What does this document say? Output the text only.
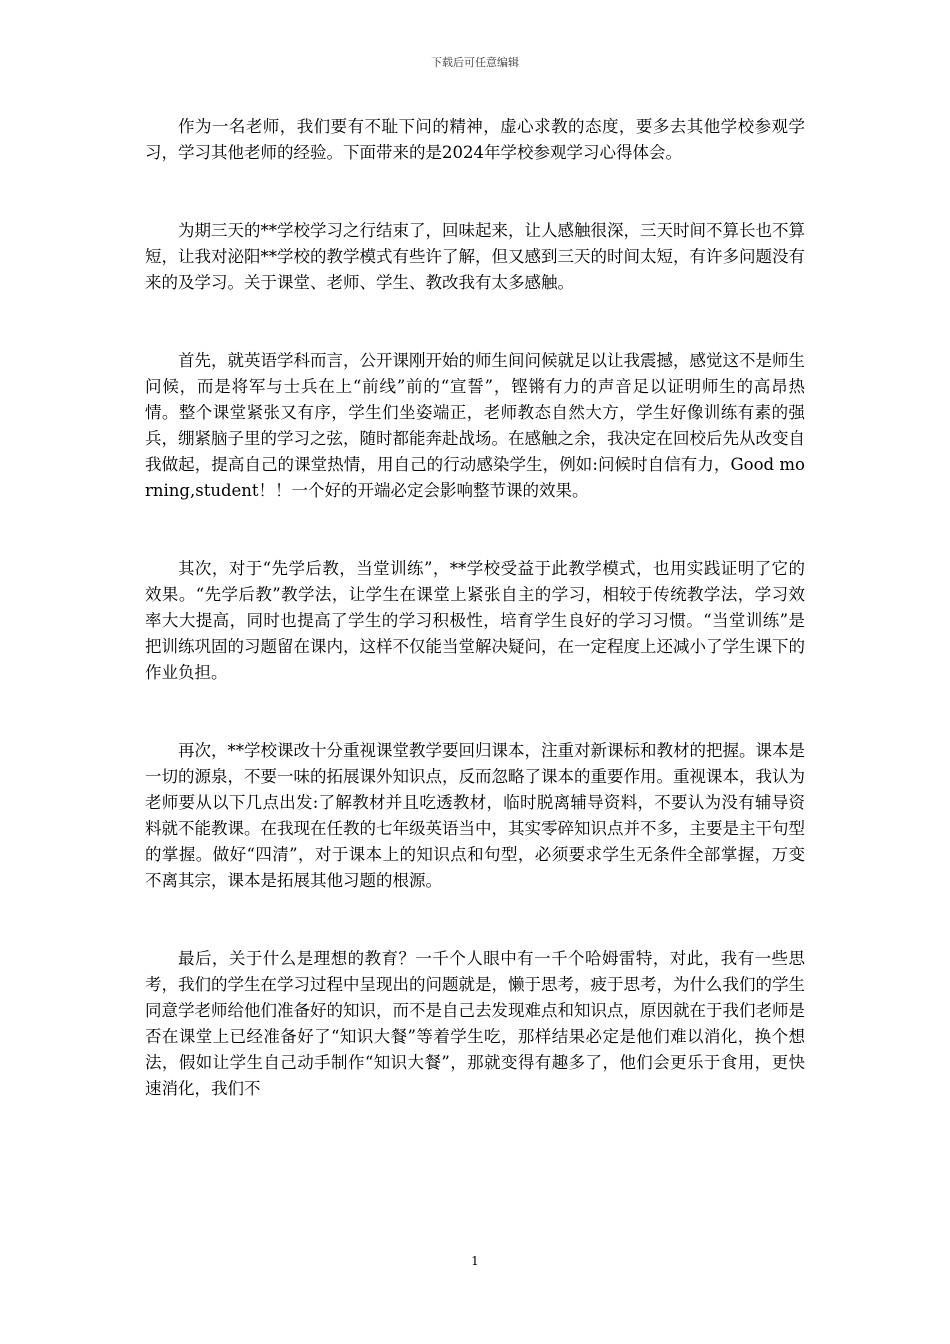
下载后可任意编辑

作为一名老师，我们要有不耻下问的精神，虚心求教的态度，要多去其他学校参观学习，学习其他老师的经验。下面带来的是2024年学校参观学习心得体会。

为期三天的**学校学习之行结束了，回味起来，让人感触很深，三天时间不算长也不算短，让我对泌阳**学校的教学模式有些许了解，但又感到三天的时间太短，有许多问题没有来的及学习。关于课堂、老师、学生、教改我有太多感触。

首先，就英语学科而言，公开课刚开始的师生间问候就足以让我震撼，感觉这不是师生问候，而是将军与士兵在上“前线”前的“宣誓”，铿锵有力的声音足以证明师生的高昂热情。整个课堂紧张又有序，学生们坐姿端正，老师教态自然大方，学生好像训练有素的强兵，绷紧脑子里的学习之弦，随时都能奔赴战场。在感触之余，我决定在回校后先从改变自我做起，提高自己的课堂热情，用自己的行动感染学生，例如:问候时自信有力，Good morning,student！！一个好的开端必定会影响整节课的效果。

其次，对于“先学后教，当堂训练”，**学校受益于此教学模式，也用实践证明了它的效果。“先学后教”教学法，让学生在课堂上紧张自主的学习，相较于传统教学法，学习效率大大提高，同时也提高了学生的学习积极性，培育学生良好的学习习惯。“当堂训练”是把训练巩固的习题留在课内，这样不仅能当堂解决疑问，在一定程度上还减小了学生课下的作业负担。

再次，**学校课改十分重视课堂教学要回归课本，注重对新课标和教材的把握。课本是一切的源泉，不要一味的拓展课外知识点，反而忽略了课本的重要作用。重视课本，我认为老师要从以下几点出发:了解教材并且吃透教材，临时脱离辅导资料，不要认为没有辅导资料就不能教课。在我现在任教的七年级英语当中，其实零碎知识点并不多，主要是主干句型的掌握。做好“四清”，对于课本上的知识点和句型，必须要求学生无条件全部掌握，万变不离其宗，课本是拓展其他习题的根源。

最后，关于什么是理想的教育？一千个人眼中有一千个哈姆雷特，对此，我有一些思考，我们的学生在学习过程中呈现出的问题就是，懒于思考，疲于思考，为什么我们的学生同意学老师给他们准备好的知识，而不是自己去发现难点和知识点，原因就在于我们老师是否在课堂上已经准备好了“知识大餐”等着学生吃，那样结果必定是他们难以消化，换个想法，假如让学生自己动手制作“知识大餐”，那就变得有趣多了，他们会更乐于食用，更快速消化，我们不

1
